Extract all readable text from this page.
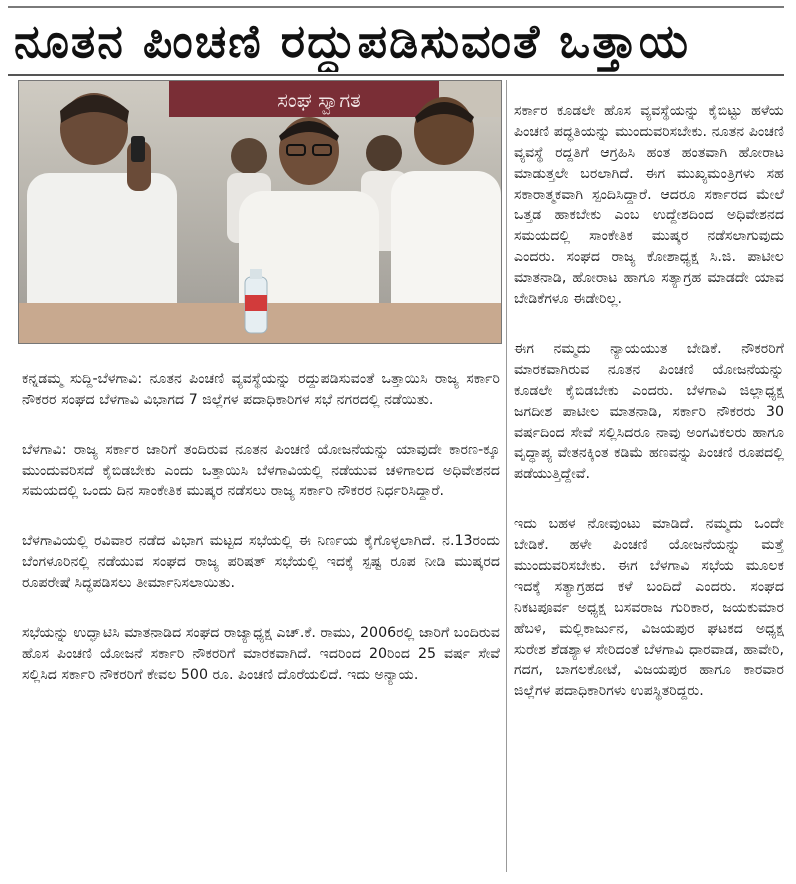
ನೂತನ ಪಿಂಚಣಿ ರದ್ದುಪಡಿಸುವಂತೆ ಒತ್ತಾಯ
ಸಂಘ ಸ್ವಾಗತ

ಕನ್ನಡಮ್ಮ ಸುದ್ದಿ-ಬೆಳಗಾವಿ: ನೂತನ ಪಿಂಚಣಿ ವ್ಯವಸ್ಥೆಯನ್ನು ರದ್ದುಪಡಿಸುವಂತೆ ಒತ್ತಾಯಿಸಿ ರಾಜ್ಯ ಸರ್ಕಾರಿ ನೌಕರರ ಸಂಘದ ಬೆಳಗಾವಿ ವಿಭಾಗದ 7 ಜಿಲ್ಲೆಗಳ ಪದಾಧಿಕಾರಿಗಳ ಸಭೆ ನಗರದಲ್ಲಿ ನಡೆಯಿತು.

ಬೆಳಗಾವಿ: ರಾಜ್ಯ ಸರ್ಕಾರ ಜಾರಿಗೆ ತಂದಿರುವ ನೂತನ ಪಿಂಚಣಿ ಯೋಜನೆಯನ್ನು ಯಾವುದೇ ಕಾರಣ-ಕ್ಕೂ ಮುಂದುವರಿಸದೆ ಕೈಬಿಡಬೇಕು ಎಂದು ಒತ್ತಾಯಿಸಿ ಬೆಳಗಾವಿಯಲ್ಲಿ ನಡೆಯುವ ಚಳಿಗಾಲದ ಅಧಿವೇಶನದ ಸಮಯದಲ್ಲಿ ಒಂದು ದಿನ ಸಾಂಕೇತಿಕ ಮುಷ್ಕರ ನಡೆಸಲು ರಾಜ್ಯ ಸರ್ಕಾರಿ ನೌಕರರ ನಿರ್ಧರಿಸಿದ್ದಾರೆ.

ಬೆಳಗಾವಿಯಲ್ಲಿ ರವಿವಾರ ನಡೆದ ವಿಭಾಗ ಮಟ್ಟದ ಸಭೆಯಲ್ಲಿ ಈ ನಿರ್ಣಯ ಕೈಗೊಳ್ಳಲಾಗಿದೆ. ನ.13ರಂದು ಬೆಂಗಳೂರಿನಲ್ಲಿ ನಡೆಯುವ ಸಂಘದ ರಾಜ್ಯ ಪರಿಷತ್ ಸಭೆಯಲ್ಲಿ ಇದಕ್ಕೆ ಸ್ಪಷ್ಟ ರೂಪ ನೀಡಿ ಮುಷ್ಕರದ ರೂಪರೇಷೆ ಸಿದ್ಧಪಡಿಸಲು ತೀರ್ಮಾನಿಸಲಾಯಿತು.

ಸಭೆಯನ್ನು ಉದ್ಘಾಟಿಸಿ ಮಾತನಾಡಿದ ಸಂಘದ ರಾಜ್ಯಾಧ್ಯಕ್ಷ ಎಚ್.ಕೆ. ರಾಮು, 2006ರಲ್ಲಿ ಜಾರಿಗೆ ಬಂದಿರುವ ಹೊಸ ಪಿಂಚಣಿ ಯೋಜನೆ ಸರ್ಕಾರಿ ನೌಕರರಿಗೆ ಮಾರಕವಾಗಿದೆ. ಇದರಿಂದ 20ರಿಂದ 25 ವರ್ಷ ಸೇವೆ ಸಲ್ಲಿಸಿದ ಸರ್ಕಾರಿ ನೌಕರರಿಗೆ ಕೇವಲ 500 ರೂ. ಪಿಂಚಣಿ ದೊರೆಯಲಿದೆ. ಇದು ಅನ್ಯಾಯ.

ಸರ್ಕಾರ ಕೂಡಲೇ ಹೊಸ ವ್ಯವಸ್ಥೆಯನ್ನು ಕೈಬಿಟ್ಟು ಹಳೆಯ ಪಿಂಚಣಿ ಪದ್ಧತಿಯನ್ನು ಮುಂದುವರಿಸಬೇಕು. ನೂತನ ಪಿಂಚಣಿ ವ್ಯವಸ್ಥೆ ರದ್ದತಿಗೆ ಆಗ್ರಹಿಸಿ ಹಂತ ಹಂತವಾಗಿ ಹೋರಾಟ ಮಾಡುತ್ತಲೇ ಬರಲಾಗಿದೆ. ಈಗ ಮುಖ್ಯಮಂತ್ರಿಗಳು ಸಹ ಸಕಾರಾತ್ಮಕವಾಗಿ ಸ್ಪಂದಿಸಿದ್ದಾರೆ. ಆದರೂ ಸರ್ಕಾರದ ಮೇಲೆ ಒತ್ತಡ ಹಾಕಬೇಕು ಎಂಬ ಉದ್ದೇಶದಿಂದ ಅಧಿವೇಶನದ ಸಮಯದಲ್ಲಿ ಸಾಂಕೇತಿಕ ಮುಷ್ಕರ ನಡೆಸಲಾಗುವುದು ಎಂದರು. ಸಂಘದ ರಾಜ್ಯ ಕೋಶಾಧ್ಯಕ್ಷ ಸಿ.ಜಿ. ಪಾಟೀಲ ಮಾತನಾಡಿ, ಹೋರಾಟ ಹಾಗೂ ಸತ್ಯಾಗ್ರಹ ಮಾಡದೇ ಯಾವ ಬೇಡಿಕೆಗಳೂ ಈಡೇರಿಲ್ಲ.

ಈಗ ನಮ್ಮದು ನ್ಯಾಯಯುತ ಬೇಡಿಕೆ. ನೌಕರರಿಗೆ ಮಾರಕವಾಗಿರುವ ನೂತನ ಪಿಂಚಣಿ ಯೋಜನೆಯನ್ನು ಕೂಡಲೇ ಕೈಬಿಡಬೇಕು ಎಂದರು. ಬೆಳಗಾವಿ ಜಿಲ್ಲಾಧ್ಯಕ್ಷ ಜಗದೀಶ ಪಾಟೀಲ ಮಾತನಾಡಿ, ಸರ್ಕಾರಿ ನೌಕರರು 30 ವರ್ಷದಿಂದ ಸೇವೆ ಸಲ್ಲಿಸಿದರೂ ನಾವು ಅಂಗವಿಕಲರು ಹಾಗೂ ವೃದ್ಧಾಪ್ಯ ವೇತನಕ್ಕಿಂತ ಕಡಿಮೆ ಹಣವನ್ನು ಪಿಂಚಣಿ ರೂಪದಲ್ಲಿ ಪಡೆಯುತ್ತಿದ್ದೇವೆ.

ಇದು ಬಹಳ ನೋವುಂಟು ಮಾಡಿದೆ. ನಮ್ಮದು ಒಂದೇ ಬೇಡಿಕೆ. ಹಳೇ ಪಿಂಚಣಿ ಯೋಜನೆಯನ್ನು ಮತ್ತೆ ಮುಂದುವರಿಸಬೇಕು. ಈಗ ಬೆಳಗಾವಿ ಸಭೆಯ ಮೂಲಕ ಇದಕ್ಕೆ ಸತ್ಯಾಗ್ರಹದ ಕಳೆ ಬಂದಿದೆ ಎಂದರು. ಸಂಘದ ನಿಕಟಪೂರ್ವ ಅಧ್ಯಕ್ಷ ಬಸವರಾಜ ಗುರಿಕಾರ, ಜಯಕುಮಾರ ಹೆಬಳಿ, ಮಲ್ಲಿಕಾರ್ಜುನ, ವಿಜಯಪುರ ಘಟಕದ ಅಧ್ಯಕ್ಷ ಸುರೇಶ ಶೆಡಶ್ಯಾಳ ಸೇರಿದಂತೆ ಬೆಳಗಾವಿ ಧಾರವಾಡ, ಹಾವೇರಿ, ಗದಗ, ಬಾಗಲಕೋಟೆ, ವಿಜಯಪುರ ಹಾಗೂ ಕಾರವಾರ ಜಿಲ್ಲೆಗಳ ಪದಾಧಿಕಾರಿಗಳು ಉಪಸ್ಥಿತರಿದ್ದರು.
